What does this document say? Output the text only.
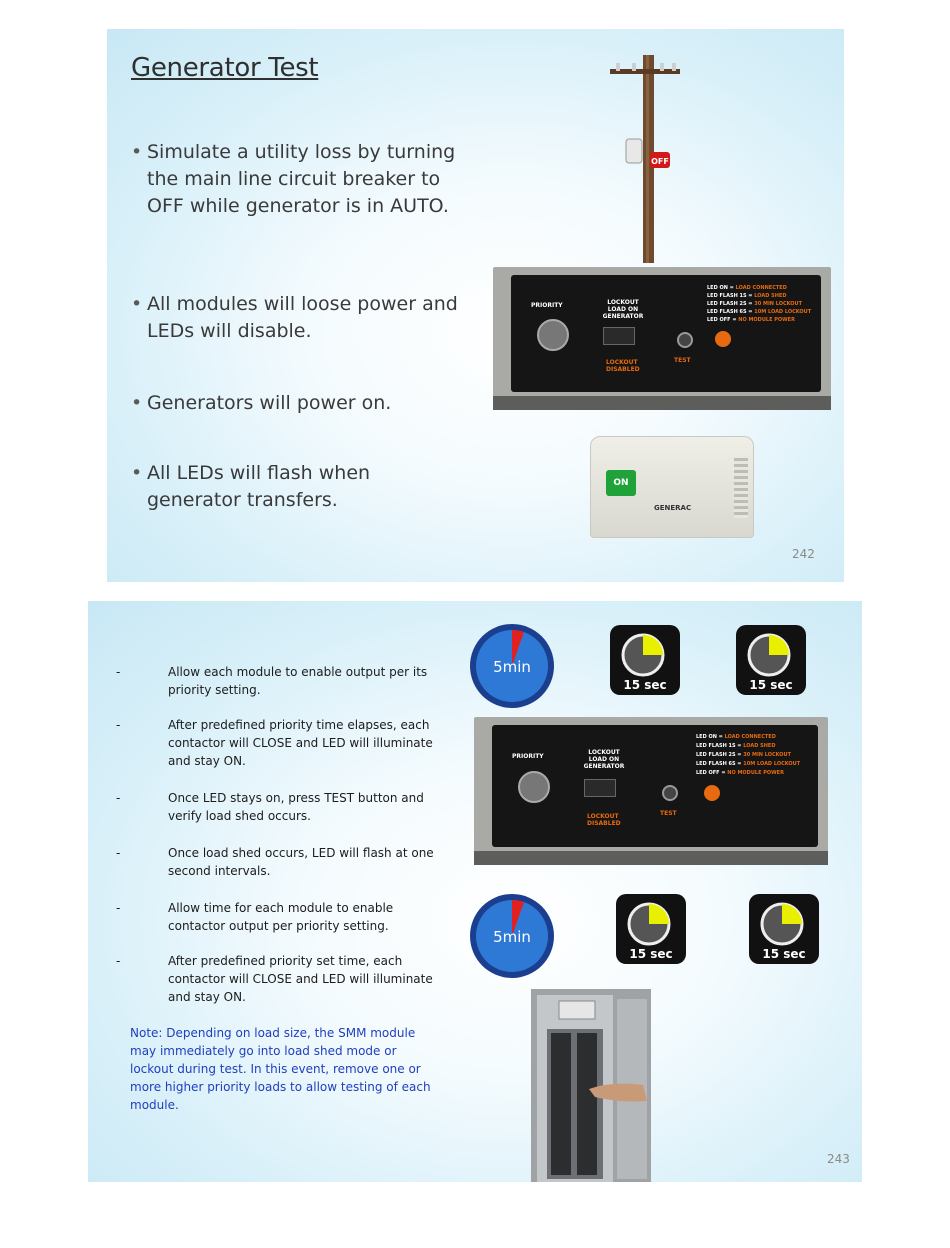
Generator Test
• Simulate a utility loss by turning the main line circuit breaker to OFF while generator is in AUTO.
• All modules will loose power and LEDs will disable.
• Generators will power on.
• All LEDs will flash when generator transfers.
OFF
PRIORITY	LOCKOUT
LOAD ON
GENERATOR
LOCKOUT
DISABLED
TEST
LED ON = LOAD CONNECTED
LED FLASH 1S = LOAD SHED
LED FLASH 2S = 30 MIN LOCKOUT
LED FLASH 6S = 10M LOAD LOCKOUT
LED OFF = NO MODULE POWER
ON
GENERAC
242
-	Allow each module to enable output per its priority setting.
-	After predefined priority time elapses, each contactor will CLOSE and LED will illuminate and stay ON.
-	Once LED stays on, press TEST button and verify load shed occurs.
-	Once load shed occurs, LED will flash at one second intervals.
-	Allow time for each module to enable contactor output per priority setting.
-	After predefined priority set time, each contactor will CLOSE and LED will illuminate and stay ON.
Note: Depending on load size, the SMM module may immediately go into load shed mode or lockout during test. In this event, remove one or more higher priority loads to allow testing of each module.
5min
15 sec	15 sec
PRIORITY
LOCKOUT
LOAD ON
GENERATOR
LOCKOUT
DISABLED
TEST
LED ON = LOAD CONNECTED
LED FLASH 1S = LOAD SHED
LED FLASH 2S = 30 MIN LOCKOUT
LED FLASH 6S = 10M LOAD LOCKOUT
LED OFF = NO MODULE POWER
5min
15 sec	15 sec
243
